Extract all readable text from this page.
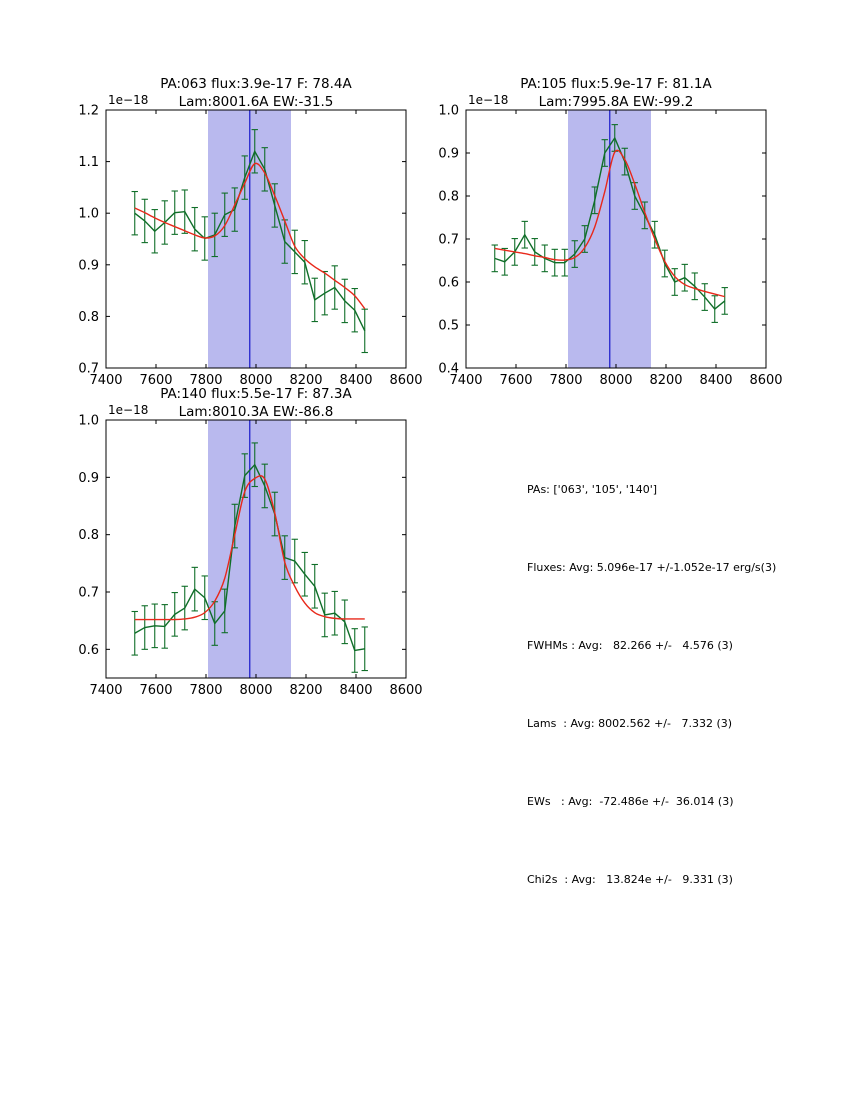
7400 7600 7800 8000 8200 8400 8600
0.7
0.8
0.9
1.0
1.1
1.2
1e−18
PA:063 flux:3.9e-17 F: 78.4A
Lam:8001.6A EW:-31.5
7400 7600 7800 8000 8200 8400 8600
0.4
0.5
0.6
0.7
0.8
0.9
1.0
1e−18
PA:105 flux:5.9e-17 F: 81.1A
Lam:7995.8A EW:-99.2
7400 7600 7800 8000 8200 8400 8600
0.6
0.7
0.8
0.9
1.0
1e−18
PA:140 flux:5.5e-17 F: 87.3A
Lam:8010.3A EW:-86.8

PAs: ['063', '105', '140']

Fluxes: Avg: 5.096e-17 +/-1.052e-17 erg/s(3)

FWHMs : Avg:   82.266 +/-   4.576 (3)

Lams  : Avg: 8002.562 +/-   7.332 (3)

EWs   : Avg:  -72.486e +/-  36.014 (3)

Chi2s  : Avg:   13.824e +/-   9.331 (3)
